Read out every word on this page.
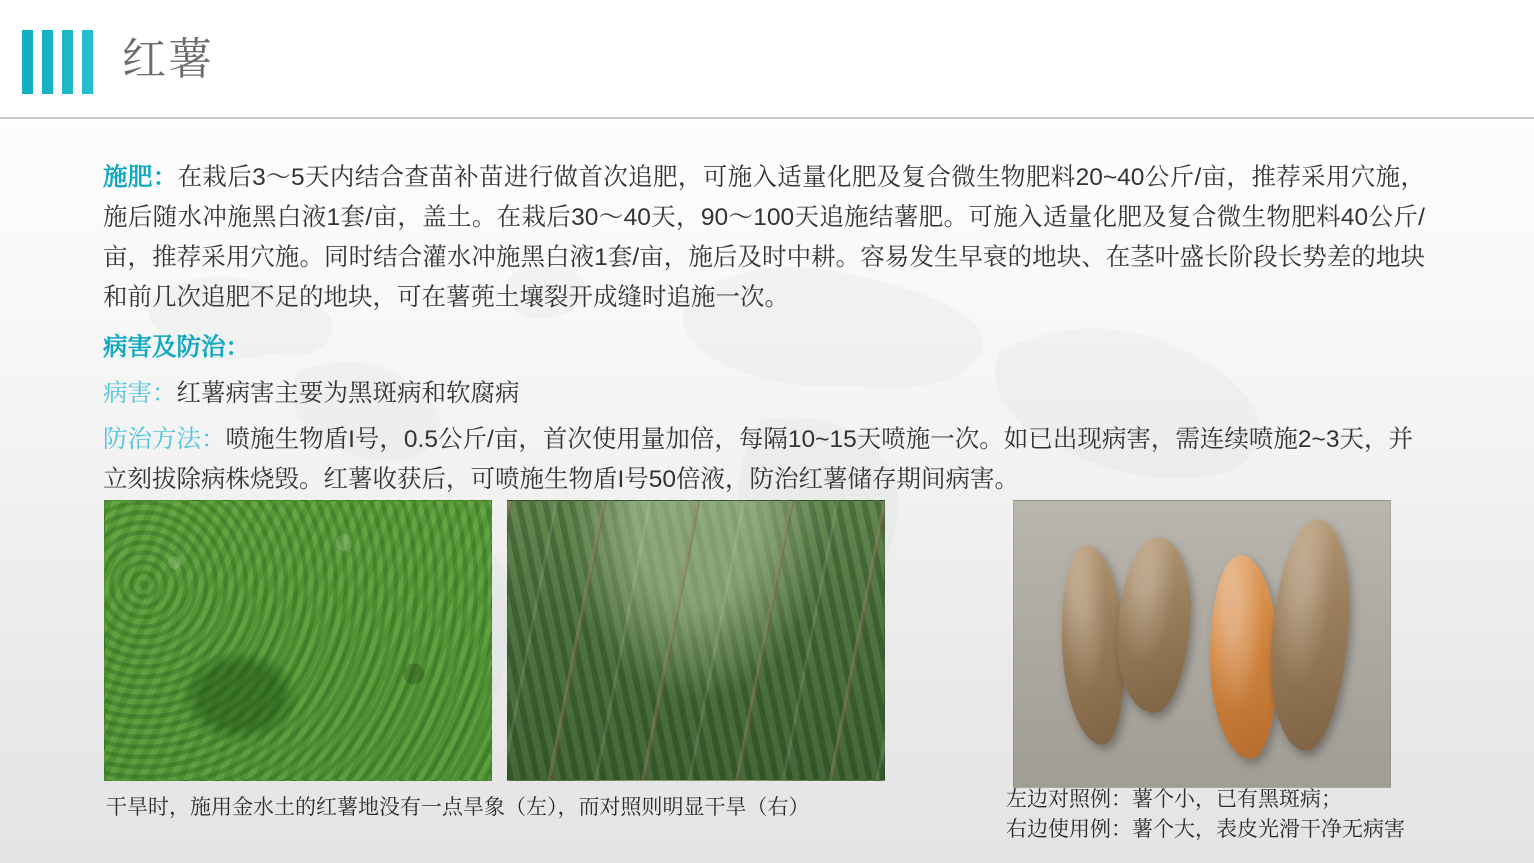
红薯

施肥：在栽后3～5天内结合查苗补苗进行做首次追肥，可施入适量化肥及复合微生物肥料20~40公斤/亩，推荐采用穴施，施后随水冲施黑白液1套/亩，盖土。在栽后30～40天，90～100天追施结薯肥。可施入适量化肥及复合微生物肥料40公斤/亩，推荐采用穴施。同时结合灌水冲施黑白液1套/亩，施后及时中耕。容易发生早衰的地块、在茎叶盛长阶段长势差的地块和前几次追肥不足的地块，可在薯蔸土壤裂开成缝时追施一次。

病害及防治：

病害：红薯病害主要为黑斑病和软腐病

防治方法：喷施生物盾I号，0.5公斤/亩，首次使用量加倍，每隔10~15天喷施一次。如已出现病害，需连续喷施2~3天，并立刻拔除病株烧毁。红薯收获后，可喷施生物盾I号50倍液，防治红薯储存期间病害。

干旱时，施用金水土的红薯地没有一点旱象（左），而对照则明显干旱（右）	左边对照例：薯个小，已有黑斑病；
右边使用例：薯个大，表皮光滑干净无病害
